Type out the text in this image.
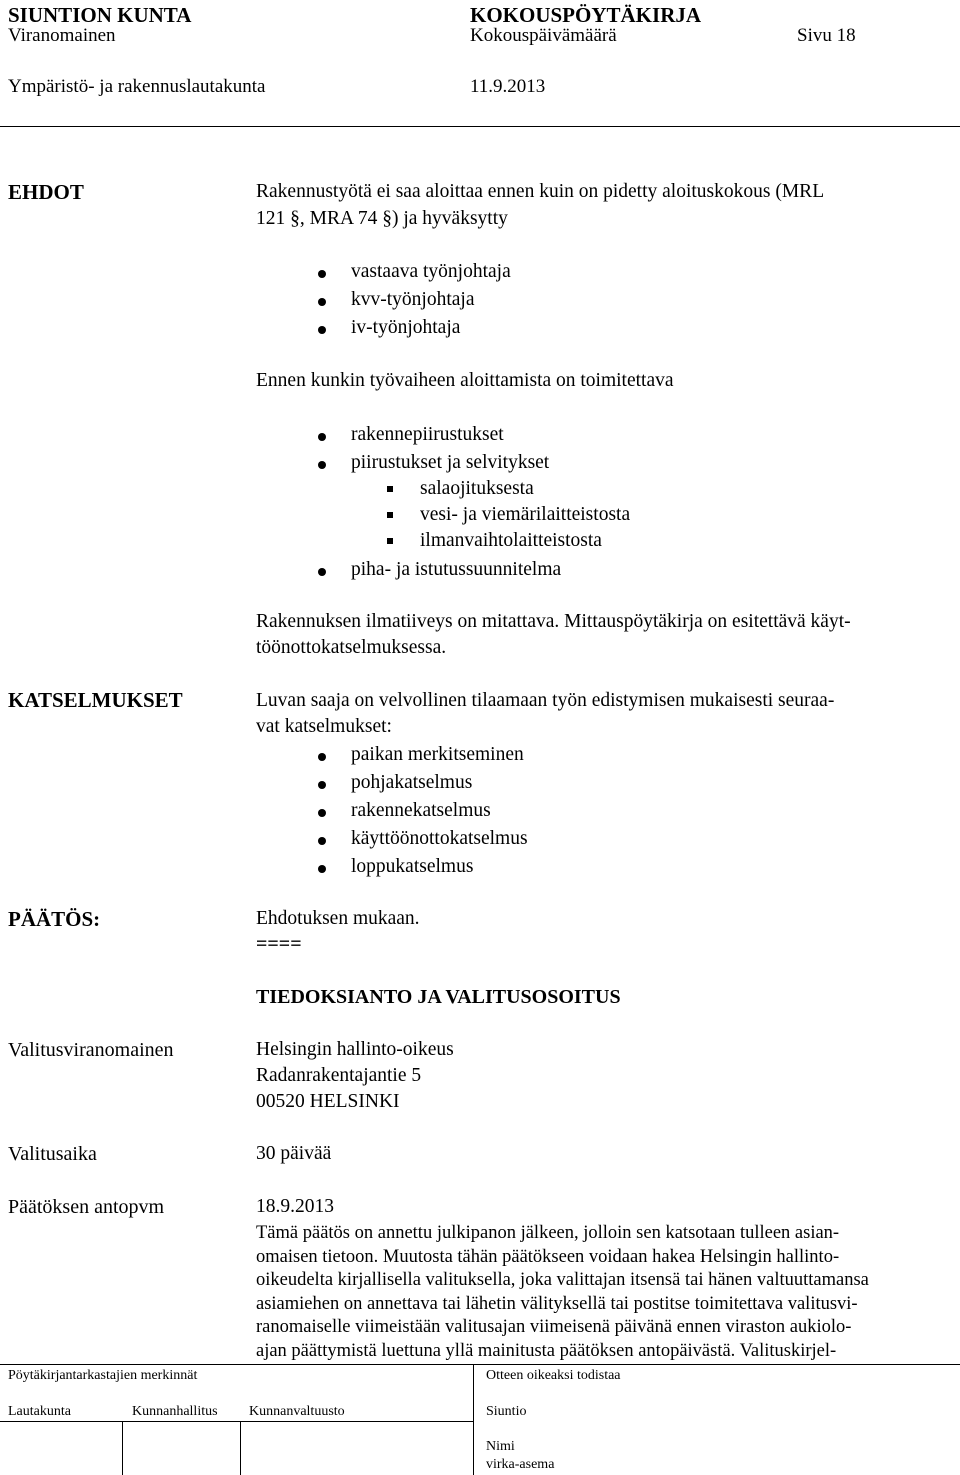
SIUNTION KUNTA	KOKOUSPÖYTÄKIRJA
Viranomainen	Kokouspäivämäärä	Sivu 18
Ympäristö- ja rakennuslautakunta	11.9.2013
EHDOT	Rakennustyötä ei saa aloittaa ennen kuin on pidetty aloituskokous (MRL
121 §, MRA 74 §) ja hyväksytty
vastaava työnjohtaja
kvv-työnjohtaja
iv-työnjohtaja
Ennen kunkin työvaiheen aloittamista on toimitettava
rakennepiirustukset
piirustukset ja selvitykset
salaojituksesta
vesi- ja viemärilaitteistosta
ilmanvaihtolaitteistosta
piha- ja istutussuunnitelma
Rakennuksen ilmatiiveys on mitattava. Mittauspöytäkirja on esitettävä käyt-
töönottokatselmuksessa.
KATSELMUKSET	Luvan saaja on velvollinen tilaamaan työn edistymisen mukaisesti seuraa-
vat katselmukset:
paikan merkitseminen
pohjakatselmus
rakennekatselmus
käyttöönottokatselmus
loppukatselmus
PÄÄTÖS:	Ehdotuksen mukaan.
====
TIEDOKSIANTO JA VALITUSOSOITUS
Valitusviranomainen	Helsingin hallinto-oikeus
Radanrakentajantie 5
00520 HELSINKI
Valitusaika	30 päivää
Päätöksen antopvm	18.9.2013
Tämä päätös on annettu julkipanon jälkeen, jolloin sen katsotaan tulleen asian-
omaisen tietoon. Muutosta tähän päätökseen voidaan hakea Helsingin hallinto-
oikeudelta kirjallisella valituksella, joka valittajan itsensä tai hänen valtuuttamansa
asiamiehen on annettava tai lähetin välityksellä tai postitse toimitettava valitusvi-
ranomaiselle viimeistään valitusajan viimeisenä päivänä ennen viraston aukiolo-
ajan päättymistä luettuna yllä mainitusta päätöksen antopäivästä. Valituskirjel-
Pöytäkirjantarkastajien merkinnät	Otteen oikeaksi todistaa
Lautakunta	Kunnanhallitus Kunnanvaltuusto	Siuntio
Nimi
virka-asema
